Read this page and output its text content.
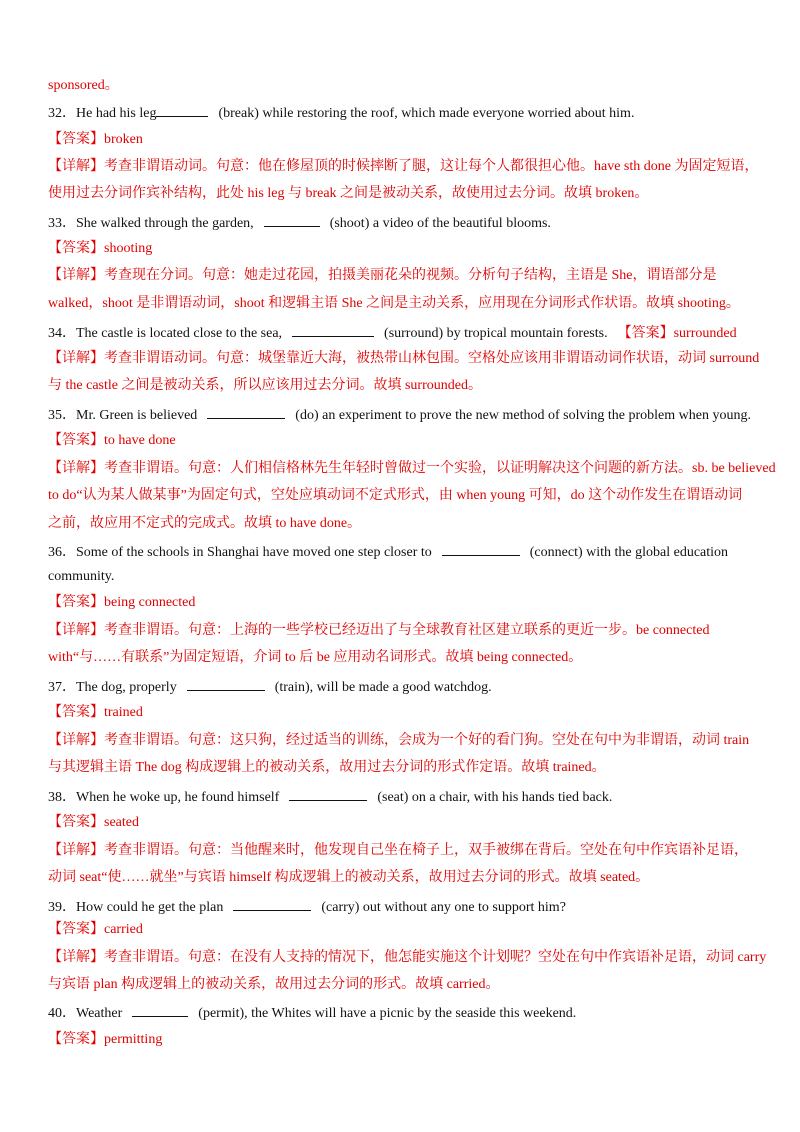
sponsored。
32．He had his leg	(break) while restoring the roof, which made everyone worried about him.
【答案】broken
【详解】考查非谓语动词。句意：他在修屋顶的时候摔断了腿，这让每个人都很担心他。have sth done 为固定短语，
使用过去分词作宾补结构，此处 his leg 与 break 之间是被动关系，故使用过去分词。故填 broken。
33．She walked through the garden,	(shoot) a video of the beautiful blooms.
【答案】shooting
【详解】考查现在分词。句意：她走过花园，拍摄美丽花朵的视频。分析句子结构，主语是 She，谓语部分是
walked，shoot 是非谓语动词，shoot 和逻辑主语 She 之间是主动关系，应用现在分词形式作状语。故填 shooting。
34．The castle is located close to the sea,	(surround) by tropical mountain forests. 【答案】surrounded
【详解】考查非谓语动词。句意：城堡靠近大海，被热带山林包围。空格处应该用非谓语动词作状语，动词 surround
与 the castle 之间是被动关系，所以应该用过去分词。故填 surrounded。
35．Mr. Green is believed	(do) an experiment to prove the new method of solving the problem when young.
【答案】to have done
【详解】考查非谓语。句意：人们相信格林先生年轻时曾做过一个实验，以证明解决这个问题的新方法。sb. be believed
to do“认为某人做某事”为固定句式，空处应填动词不定式形式，由 when young 可知，do 这个动作发生在谓语动词
之前，故应用不定式的完成式。故填 to have done。
36．Some of the schools in Shanghai have moved one step closer to	(connect) with the global education
community.
【答案】being connected
【详解】考查非谓语。句意：上海的一些学校已经迈出了与全球教育社区建立联系的更近一步。be connected
with“与……有联系”为固定短语，介词 to 后 be 应用动名词形式。故填 being connected。
37．The dog, properly	(train), will be made a good watchdog.
【答案】trained
【详解】考查非谓语。句意：这只狗，经过适当的训练，会成为一个好的看门狗。空处在句中为非谓语，动词 train
与其逻辑主语 The dog 构成逻辑上的被动关系，故用过去分词的形式作定语。故填 trained。
38．When he woke up, he found himself	(seat) on a chair, with his hands tied back.
【答案】seated
【详解】考查非谓语。句意：当他醒来时，他发现自己坐在椅子上，双手被绑在背后。空处在句中作宾语补足语，
动词 seat“使……就坐”与宾语 himself 构成逻辑上的被动关系，故用过去分词的形式。故填 seated。
39．How could he get the plan	(carry) out without any one to support him?
【答案】carried
【详解】考查非谓语。句意：在没有人支持的情况下，他怎能实施这个计划呢？空处在句中作宾语补足语，动词 carry
与宾语 plan 构成逻辑上的被动关系，故用过去分词的形式。故填 carried。
40．Weather	(permit), the Whites will have a picnic by the seaside this weekend.
【答案】permitting
